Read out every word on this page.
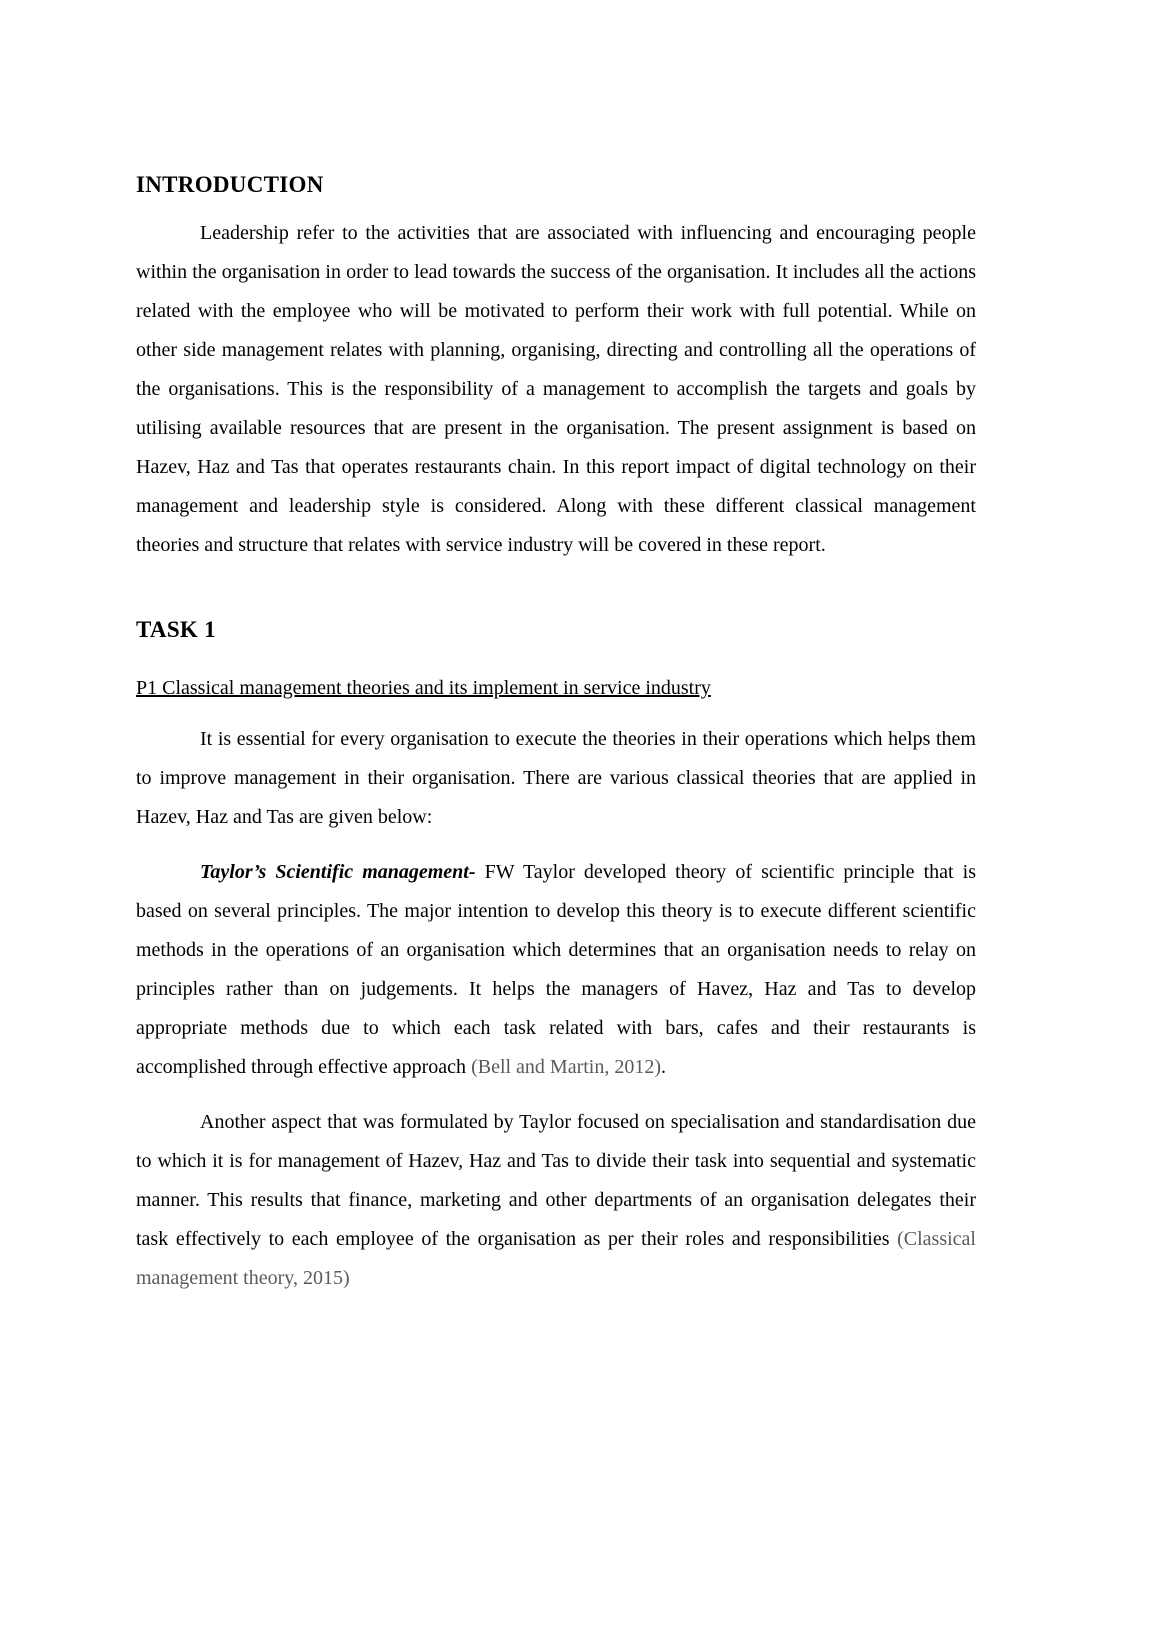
INTRODUCTION

Leadership refer to the activities that are associated with influencing and encouraging people within the organisation in order to lead towards the success of the organisation. It includes all the actions related with the employee who will be motivated to perform their work with full potential. While on other side management relates with planning, organising, directing and controlling all the operations of the organisations. This is the responsibility of a management to accomplish the targets and goals by utilising available resources that are present in the organisation. The present assignment is based on Hazev, Haz and Tas that operates restaurants chain. In this report impact of digital technology on their management and leadership style is considered. Along with these different classical management theories and structure that relates with service industry will be covered in these report.

TASK 1

P1 Classical management theories and its implement in service industry

It is essential for every organisation to execute the theories in their operations which helps them to improve management in their organisation. There are various classical theories that are applied in Hazev, Haz and Tas are given below:

Taylor’s Scientific management- FW Taylor developed theory of scientific principle that is based on several principles. The major intention to develop this theory is to execute different scientific methods in the operations of an organisation which determines that an organisation needs to relay on principles rather than on judgements. It helps the managers of Havez, Haz and Tas to develop appropriate methods due to which each task related with bars, cafes and their restaurants is accomplished through effective approach (Bell and Martin, 2012).

Another aspect that was formulated by Taylor focused on specialisation and standardisation due to which it is for management of Hazev, Haz and Tas to divide their task into sequential and systematic manner. This results that finance, marketing and other departments of an organisation delegates their task effectively to each employee of the organisation as per their roles and responsibilities (Classical management theory, 2015)
